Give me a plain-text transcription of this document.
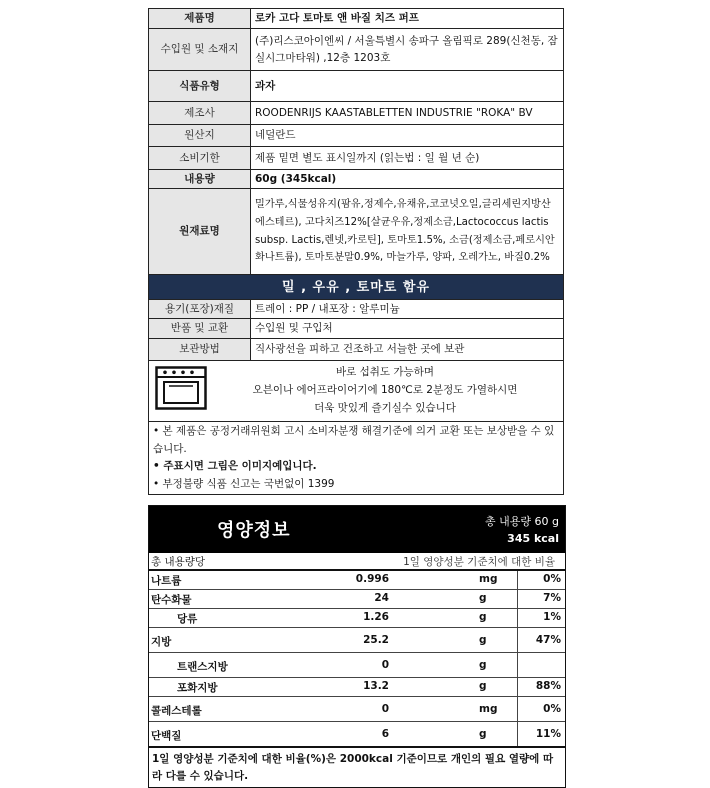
제품명	로카 고다 토마토 앤 바질 치즈 퍼프
수입원 및 소재지	(주)리스코아이엔씨 / 서울특별시 송파구 올림픽로 289(신천동, 잠실시그마타워) ,12층 1203호
식품유형	과자
제조사	ROODENRIJS KAASTABLETTEN INDUSTRIE "ROKA" BV
원산지	네덜란드
소비기한	제품 밑면 별도 표시일까지 (읽는법 : 일 월 년 순)
내용량	60g (345kcal)
원재료명	밀가루,식물성유지(팜유,정제수,유채유,코코넛오일,글리세린지방산에스테르), 고다치즈12%[살균우유,정제소금,Lactococcus lactis subsp. Lactis,렌넷,카로틴], 토마토1.5%, 소금(정제소금,페로시안화나트륨), 토마토분말0.9%, 마늘가루, 양파, 오레가노, 바질0.2%
밀 , 우유 , 토마토 함유	
용기(포장)재질	트레이 : PP / 내포장 : 알루미늄
반품 및 교환	수입원 및 구입처
보관방법	직사광선을 피하고 건조하고 서늘한 곳에 보관

바로 섭취도 가능하며
오븐이나 에어프라이어기에 180℃로 2분정도 가열하시면
더욱 맛있게 즐기실수 있습니다	

• 본 제품은 공정거래위원회 고시 소비자분쟁 해결기준에 의거 교환 또는 보상받을 수 있습니다.
• 주표시면 그림은 이미지예입니다.
• 부정불량 식품 신고는 국번없이 1399	
영양정보	총 내용량 60 g
345 kcal
총 내용량당	1일 영양성분 기준치에 대한 비율
나트륨	0.996	mg	0%
탄수화물	24	g	7%
당류	1.26	g	1%
지방	25.2	g	47%
트랜스지방	0	g
포화지방	13.2	g	88%
콜레스테롤	0	mg	0%
단백질	6	g	11%
1일 영양성분 기준치에 대한 비율(%)은 2000kcal 기준이므로 개인의 필요 열량에 따라 다를 수 있습니다.
